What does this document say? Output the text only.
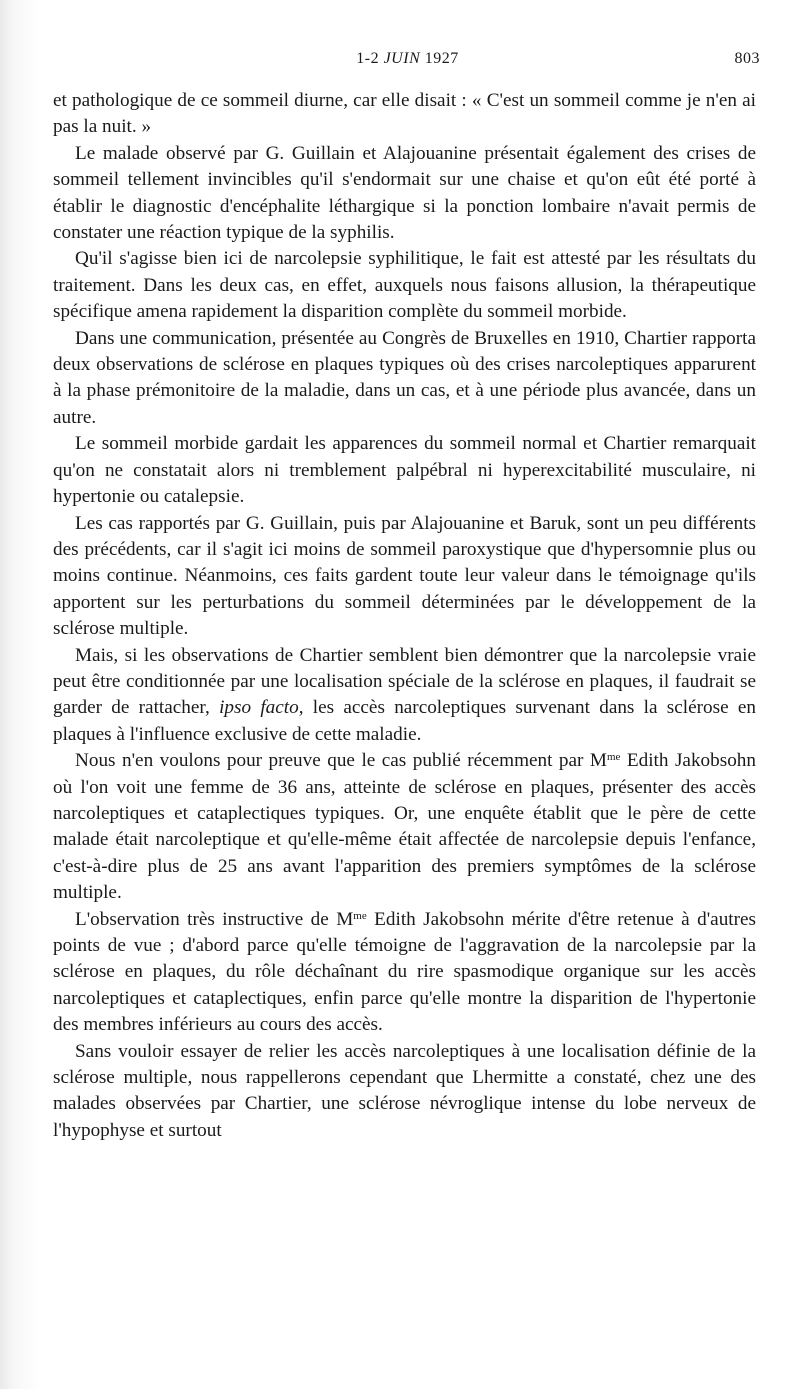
1-2 JUIN 1927	803

et pathologique de ce sommeil diurne, car elle disait : « C'est un sommeil comme je n'en ai pas la nuit. »

Le malade observé par G. Guillain et Alajouanine présentait également des crises de sommeil tellement invincibles qu'il s'endormait sur une chaise et qu'on eût été porté à établir le diagnostic d'encéphalite léthargique si la ponction lombaire n'avait permis de constater une réaction typique de la syphilis.

Qu'il s'agisse bien ici de narcolepsie syphilitique, le fait est attesté par les résultats du traitement. Dans les deux cas, en effet, auxquels nous faisons allusion, la thérapeutique spécifique amena rapidement la disparition complète du sommeil morbide.

Dans une communication, présentée au Congrès de Bruxelles en 1910, Chartier rapporta deux observations de sclérose en plaques typiques où des crises narcoleptiques apparurent à la phase prémonitoire de la maladie, dans un cas, et à une période plus avancée, dans un autre.

Le sommeil morbide gardait les apparences du sommeil normal et Chartier remarquait qu'on ne constatait alors ni tremblement palpébral ni hyperexcitabilité musculaire, ni hypertonie ou catalepsie.

Les cas rapportés par G. Guillain, puis par Alajouanine et Baruk, sont un peu différents des précédents, car il s'agit ici moins de sommeil paroxystique que d'hypersomnie plus ou moins continue. Néanmoins, ces faits gardent toute leur valeur dans le témoignage qu'ils apportent sur les perturbations du sommeil déterminées par le développement de la sclérose multiple.

Mais, si les observations de Chartier semblent bien démontrer que la narcolepsie vraie peut être conditionnée par une localisation spéciale de la sclérose en plaques, il faudrait se garder de rattacher, ipso facto, les accès narcoleptiques survenant dans la sclérose en plaques à l'influence exclusive de cette maladie.

Nous n'en voulons pour preuve que le cas publié récemment par $M^{me}$ Edith Jakobsohn où l'on voit une femme de 36 ans, atteinte de sclérose en plaques, présenter des accès narcoleptiques et cataplectiques typiques. Or, une enquête établit que le père de cette malade était narcoleptique et qu'elle-même était affectée de narcolepsie depuis l'enfance, c'est-à-dire plus de 25 ans avant l'apparition des premiers symptômes de la sclérose multiple.

L'observation très instructive de $M^{me}$ Edith Jakobsohn mérite d'être retenue à d'autres points de vue ; d'abord parce qu'elle témoigne de l'aggravation de la narcolepsie par la sclérose en plaques, du rôle déchaînant du rire spasmodique organique sur les accès narcoleptiques et cataplectiques, enfin parce qu'elle montre la disparition de l'hypertonie des membres inférieurs au cours des accès.

Sans vouloir essayer de relier les accès narcoleptiques à une localisation définie de la sclérose multiple, nous rappellerons cependant que Lhermitte a constaté, chez une des malades observées par Chartier, une sclérose névroglique intense du lobe nerveux de l'hypophyse et surtout
